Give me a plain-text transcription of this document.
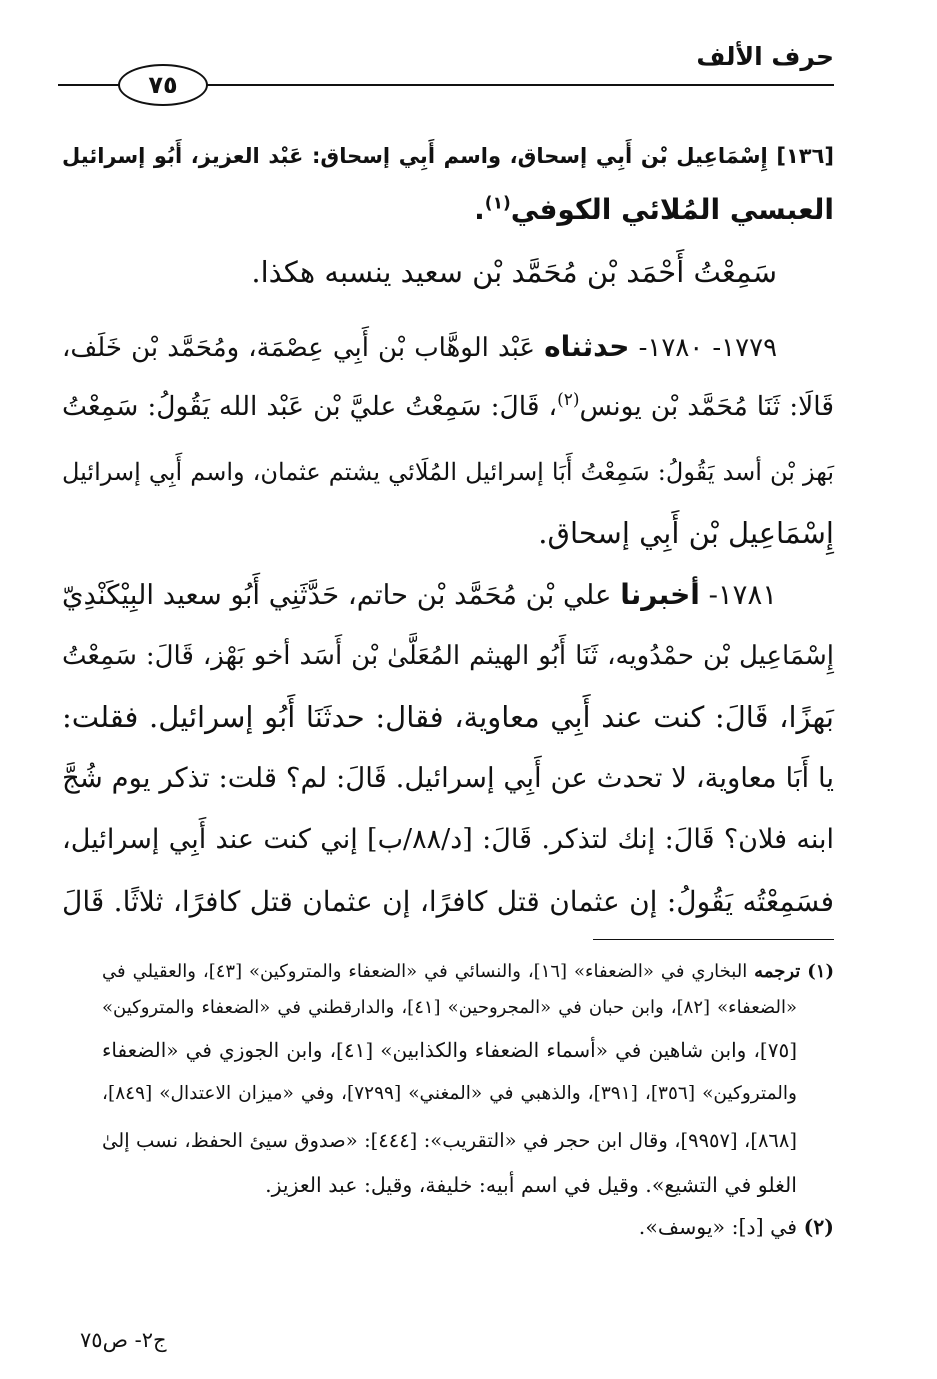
حرف الألف
٧٥
[١٣٦] إِسْمَاعِيل بْن أَبِي إسحاق، واسم أَبِي إسحاق: عَبْد العزيز، أَبُو إسرائيل
العبسي المُلائي الكوفي$^{(١)}$.
سَمِعْتُ أَحْمَد بْن مُحَمَّد بْن سعيد ينسبه هكذا.
١٧٧٩- ١٧٨٠- حدثناه عَبْد الوهَّاب بْن أَبِي عِصْمَة، ومُحَمَّد بْن خَلَف،
قَالَا: ثَنَا مُحَمَّد بْن يونس$^{(٢)}$، قَالَ: سَمِعْتُ عليَّ بْن عَبْد الله يَقُولُ: سَمِعْتُ
بَهز بْن أسد يَقُولُ: سَمِعْتُ أَبَا إسرائيل المُلَائي يشتم عثمان، واسم أَبِي إسرائيل
إِسْمَاعِيل بْن أَبِي إسحاق.
١٧٨١- أخبرنا علي بْن مُحَمَّد بْن حاتم، حَدَّثَنِي أَبُو سعيد البِيْكَنْدِيّ
إِسْمَاعِيل بْن حمْدُويه، ثَنَا أَبُو الهيثم المُعَلَّىٰ بْن أَسَد أخو بَهْز، قَالَ: سَمِعْتُ
بَهزًا، قَالَ: كنت عند أَبِي معاوية، فقال: حدثَنَا أَبُو إسرائيل. فقلت:
يا أَبَا معاوية، لا تحدث عن أَبِي إسرائيل. قَالَ: لم؟ قلت: تذكر يوم شُجَّ
ابنه فلان؟ قَالَ: إنك لتذكر. قَالَ: [د/٨٨/ب] إني كنت عند أَبِي إسرائيل،
فسَمِعْتُه يَقُولُ: إن عثمان قتل كافرًا، إن عثمان قتل كافرًا، ثلاثًا. قَالَ
(١) ترجمه البخاري في «الضعفاء» [١٦]، والنسائي في «الضعفاء والمتروكين» [٤٣]، والعقيلي في
«الضعفاء» [٨٢]، وابن حبان في «المجروحين» [٤١]، والدارقطني في «الضعفاء والمتروكين»
[٧٥]، وابن شاهين في «أسماء الضعفاء والكذابين» [٤١]، وابن الجوزي في «الضعفاء
والمتروكين» [٣٥٦]، [٣٩١]، والذهبي في «المغني» [٧٢٩٩]، وفي «ميزان الاعتدال» [٨٤٩]،
[٨٦٨]، [٩٩٥٧]، وقال ابن حجر في «التقريب»: [٤٤٤]: «صدوق سيئ الحفظ، نسب إلىٰ
الغلو في التشيع». وقيل في اسم أبيه: خليفة، وقيل: عبد العزيز.
(٢) في [د]: «يوسف».
ج٢- ص٧٥
